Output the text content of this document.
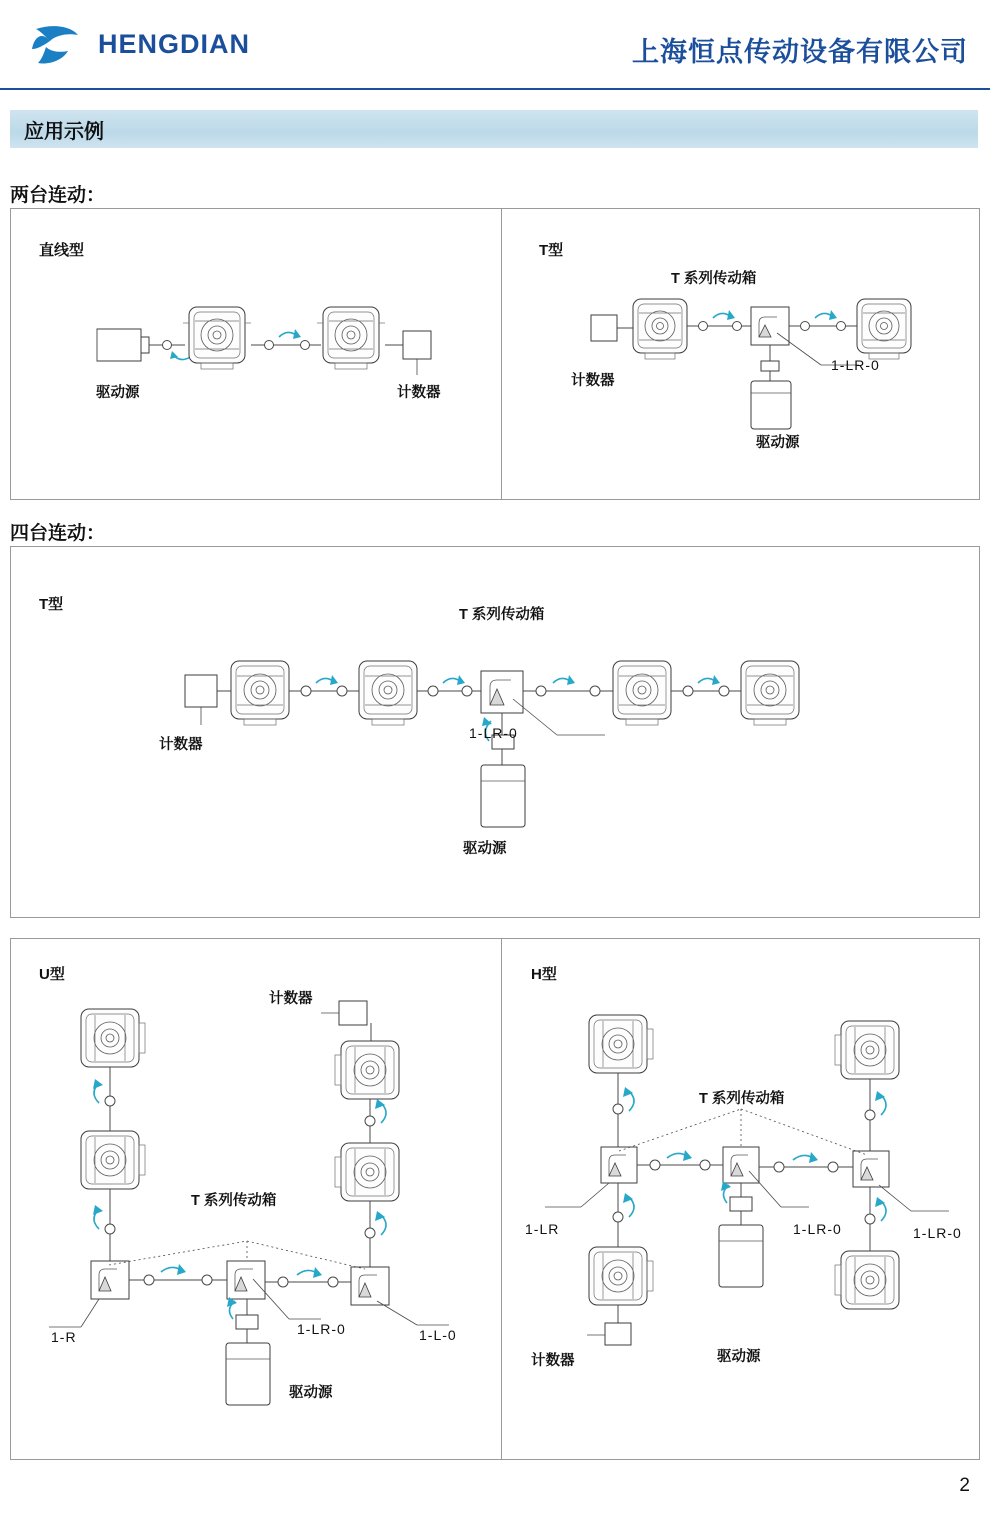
HENGDIAN	上海恒点传动设备有限公司
应用示例
两台连动：
直线型
驱动源	计数器
T型
T 系列传动箱
计数器
1-LR-0
驱动源
四台连动：
T型
T 系列传动箱
计数器
1-LR-0
驱动源
U型
计数器
T 系列传动箱
1-R	1-LR-0	1-L-0
驱动源
H型
T 系列传动箱
1-LR	1-LR-0	1-LR-0
驱动源
计数器
2
